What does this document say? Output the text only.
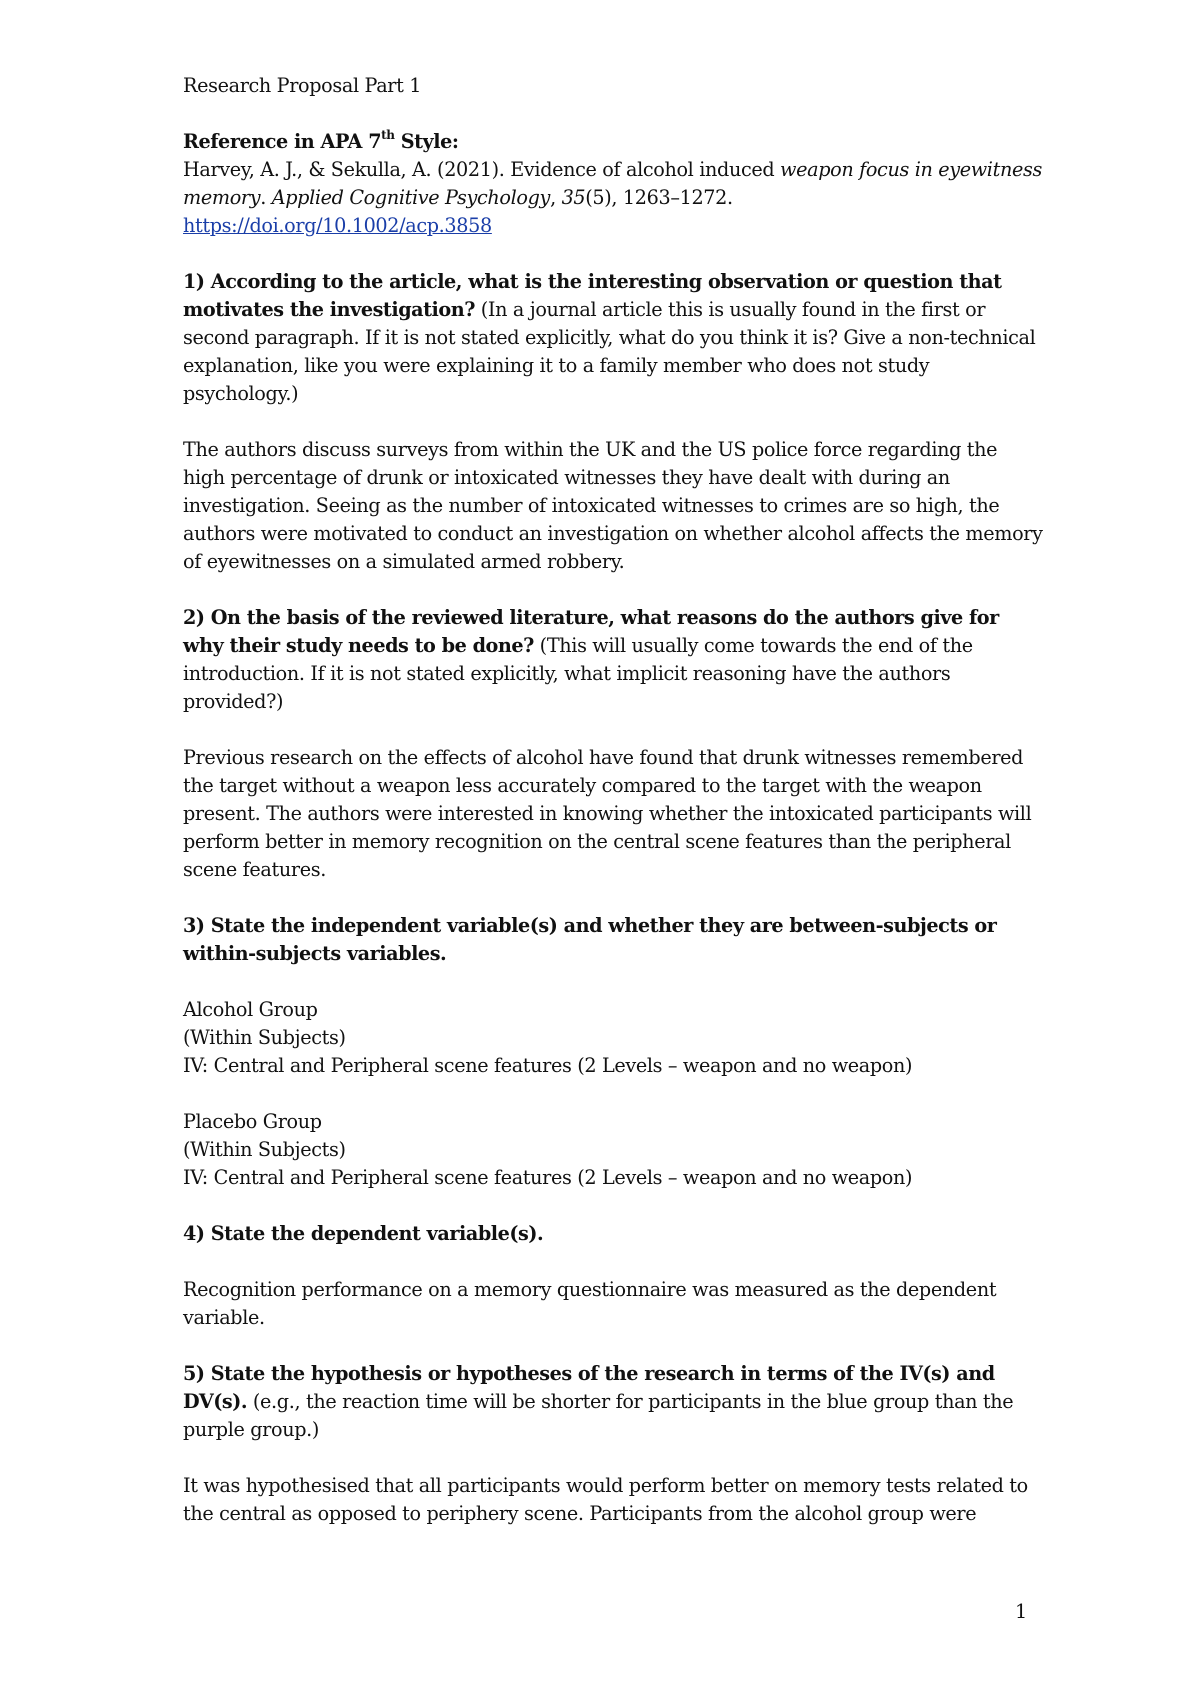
Research Proposal Part 1

Reference in APA 7th Style:

Harvey, A. J., & Sekulla, A. (2021). Evidence of alcohol induced weapon focus in eyewitness memory. Applied Cognitive Psychology, 35(5), 1263–1272.

https://doi.org/10.1002/acp.3858

1) According to the article, what is the interesting observation or question that motivates the investigation? (In a journal article this is usually found in the first or second paragraph. If it is not stated explicitly, what do you think it is? Give a non-technical explanation, like you were explaining it to a family member who does not study psychology.)

The authors discuss surveys from within the UK and the US police force regarding the high percentage of drunk or intoxicated witnesses they have dealt with during an investigation. Seeing as the number of intoxicated witnesses to crimes are so high, the authors were motivated to conduct an investigation on whether alcohol affects the memory of eyewitnesses on a simulated armed robbery.

2) On the basis of the reviewed literature, what reasons do the authors give for why their study needs to be done? (This will usually come towards the end of the introduction. If it is not stated explicitly, what implicit reasoning have the authors provided?)

Previous research on the effects of alcohol have found that drunk witnesses remembered the target without a weapon less accurately compared to the target with the weapon present. The authors were interested in knowing whether the intoxicated participants will perform better in memory recognition on the central scene features than the peripheral scene features.

3) State the independent variable(s) and whether they are between-subjects or within-subjects variables.

Alcohol Group

(Within Subjects)

IV: Central and Peripheral scene features (2 Levels – weapon and no weapon)

Placebo Group

(Within Subjects)

IV: Central and Peripheral scene features (2 Levels – weapon and no weapon)

4) State the dependent variable(s).

Recognition performance on a memory questionnaire was measured as the dependent variable.

5) State the hypothesis or hypotheses of the research in terms of the IV(s) and DV(s). (e.g., the reaction time will be shorter for participants in the blue group than the purple group.)

It was hypothesised that all participants would perform better on memory tests related to the central as opposed to periphery scene. Participants from the alcohol group were

1
